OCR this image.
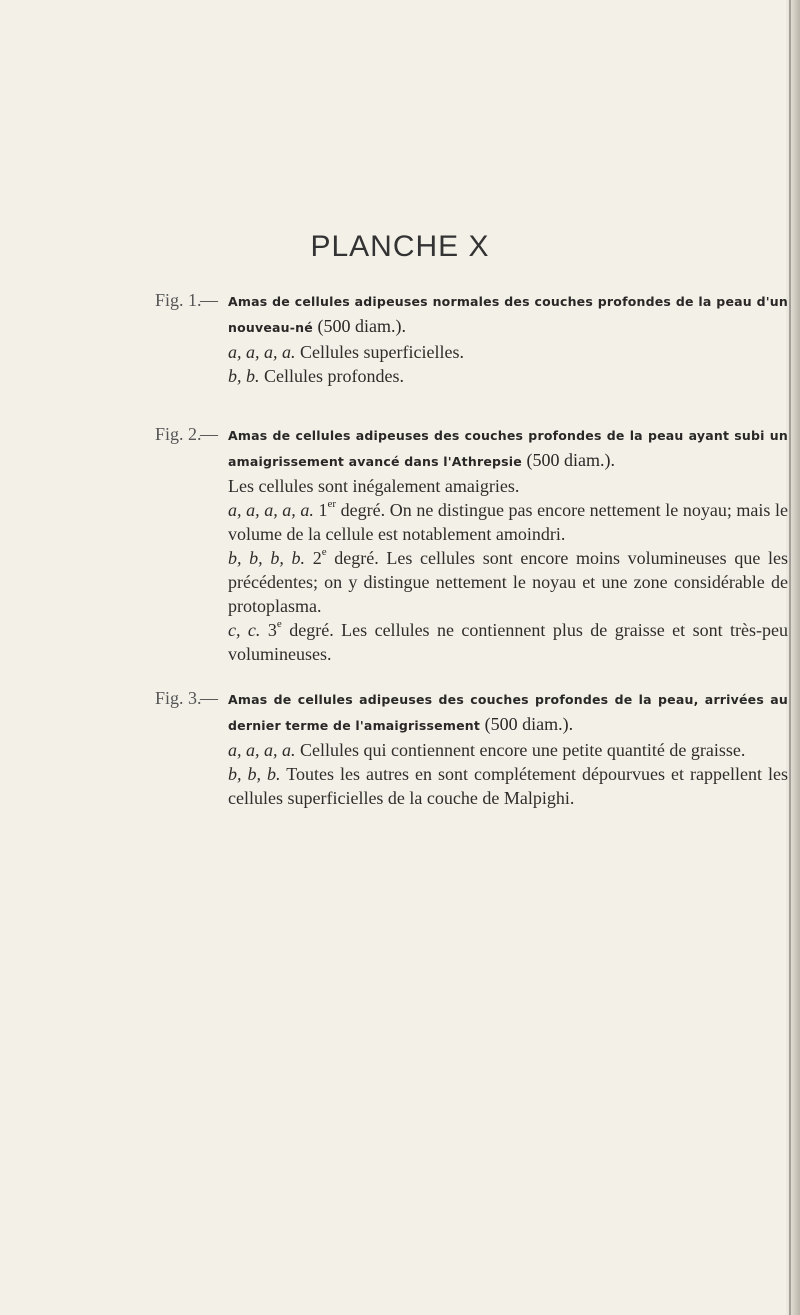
PLANCHE X
Fig. 1.
— Amas de cellules adipeuses normales des couches profondes de la peau d'un nouveau-né (500 diam.).

a, a, a, a. Cellules superficielles.

b, b. Cellules profondes.

Fig. 2.
— Amas de cellules adipeuses des couches profondes de la peau ayant subi un amaigrissement avancé dans l'Athrepsie (500 diam.).

Les cellules sont inégalement amaigries.

a, a, a, a, a. 1er degré. On ne distingue pas encore nettement le noyau; mais le volume de la cellule est notablement amoindri.

b, b, b, b. 2e degré. Les cellules sont encore moins volumineuses que les précédentes; on y distingue nettement le noyau et une zone considérable de protoplasma.

c, c. 3e degré. Les cellules ne contiennent plus de graisse et sont très-peu volumineuses.

Fig. 3.
— Amas de cellules adipeuses des couches profondes de la peau, arrivées au dernier terme de l'amaigrissement (500 diam.).

a, a, a, a. Cellules qui contiennent encore une petite quantité de graisse.

b, b, b. Toutes les autres en sont complétement dépourvues et rappellent les cellules superficielles de la couche de Malpighi.
